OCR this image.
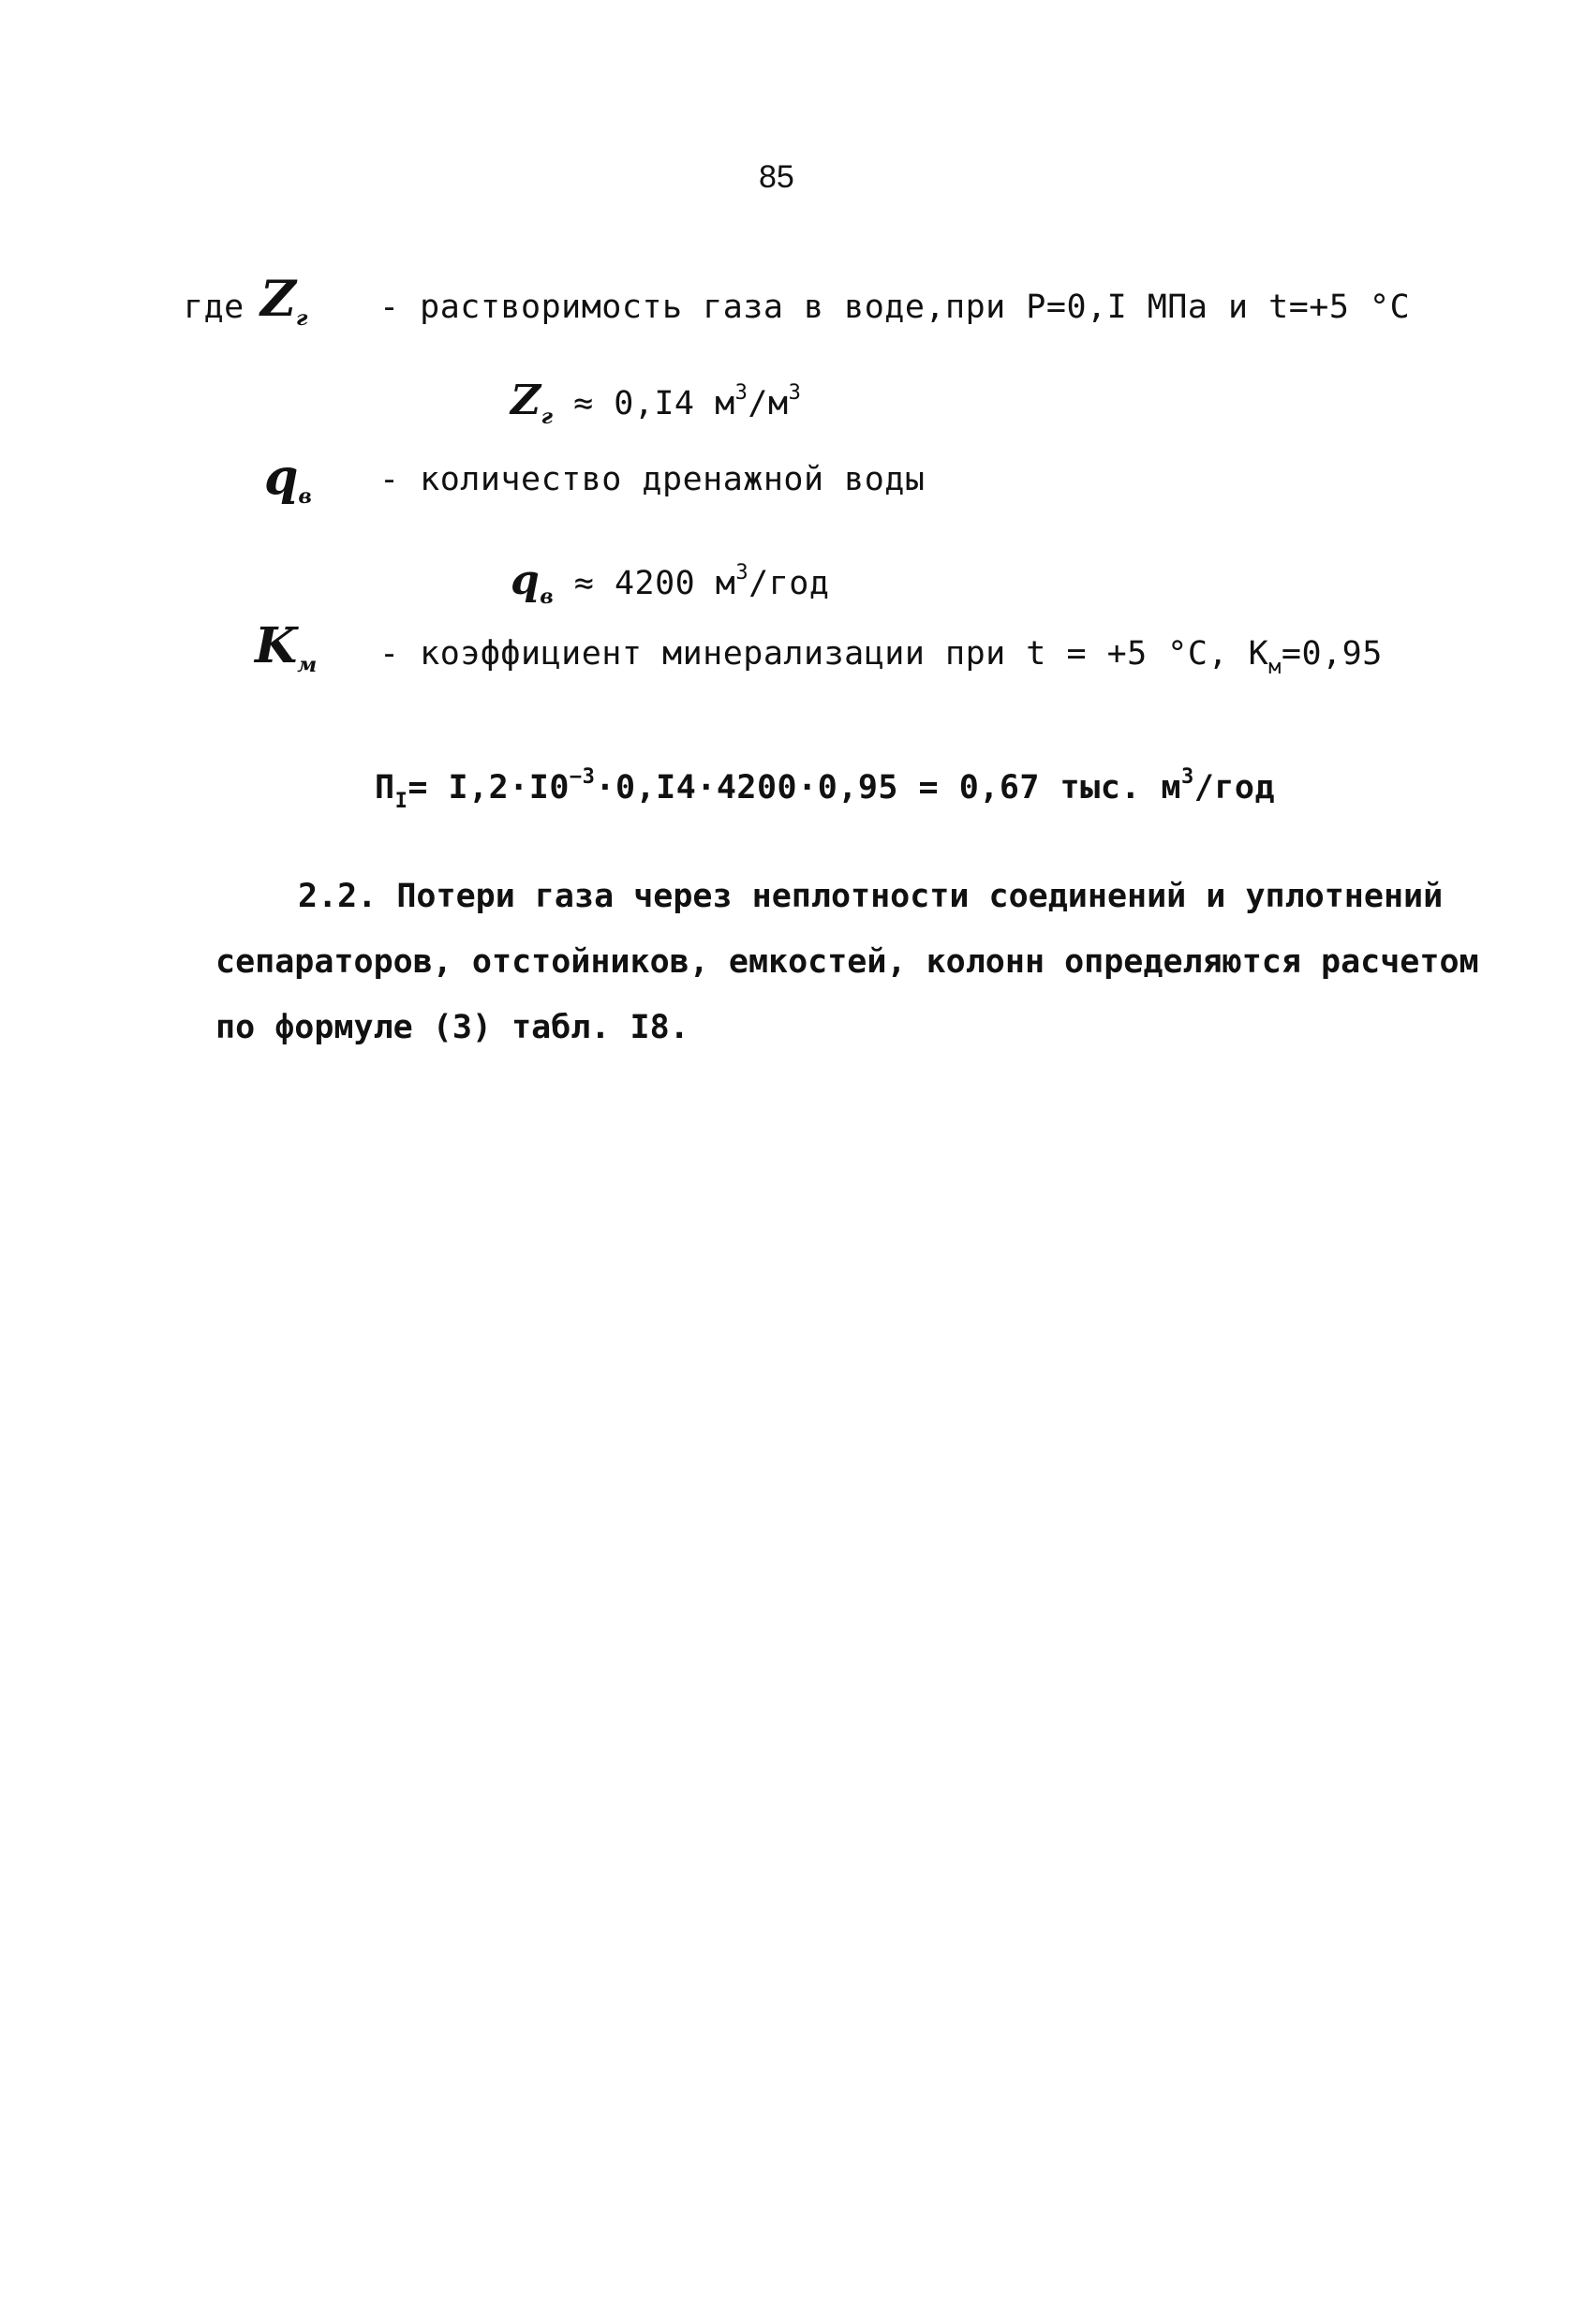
85
где $Z_г$ - растворимость газа в воде,при Р=0,I МПа и t=+5 °С
$Z_г \approx 0,I4$ $м^3/м^3$
$q_в$ - количество дренажной воды
$q_в \approx 4200$ $м^3$/год
$K_м$ - коэффициент минерализации при t = +5 °С, $K_м=0,95$
$П_I= I,2\cdot I0^{-3}\cdot 0,I4\cdot 4200\cdot 0,95 = 0,67$ тыс. $м^3$/год
2.2. Потери газа через неплотности соединений и уплотнений
сепараторов, отстойников, емкостей, колонн определяются расчетом
по формуле (3) табл. I8.
